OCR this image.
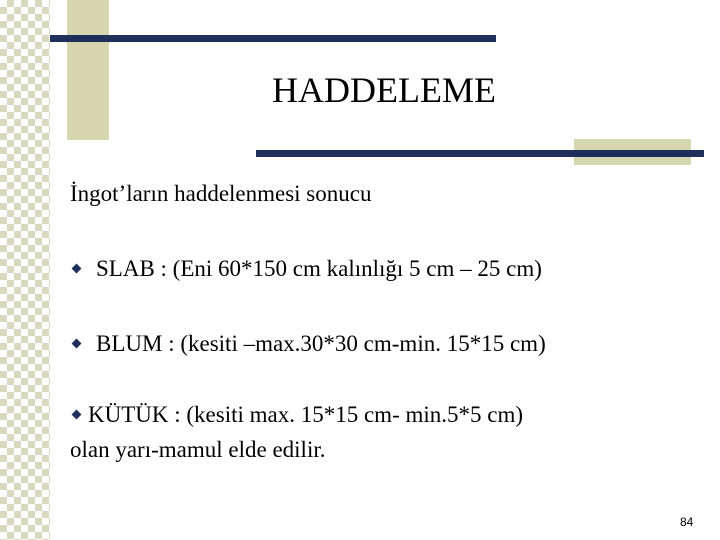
HADDELEME
İngot’ların haddelenmesi sonucu
SLAB : (Eni 60*150 cm kalınlığı 5 cm – 25 cm)
BLUM : (kesiti –max.30*30 cm-min. 15*15 cm)
KÜTÜK : (kesiti max. 15*15 cm- min.5*5 cm)
olan yarı-mamul elde edilir.
84
